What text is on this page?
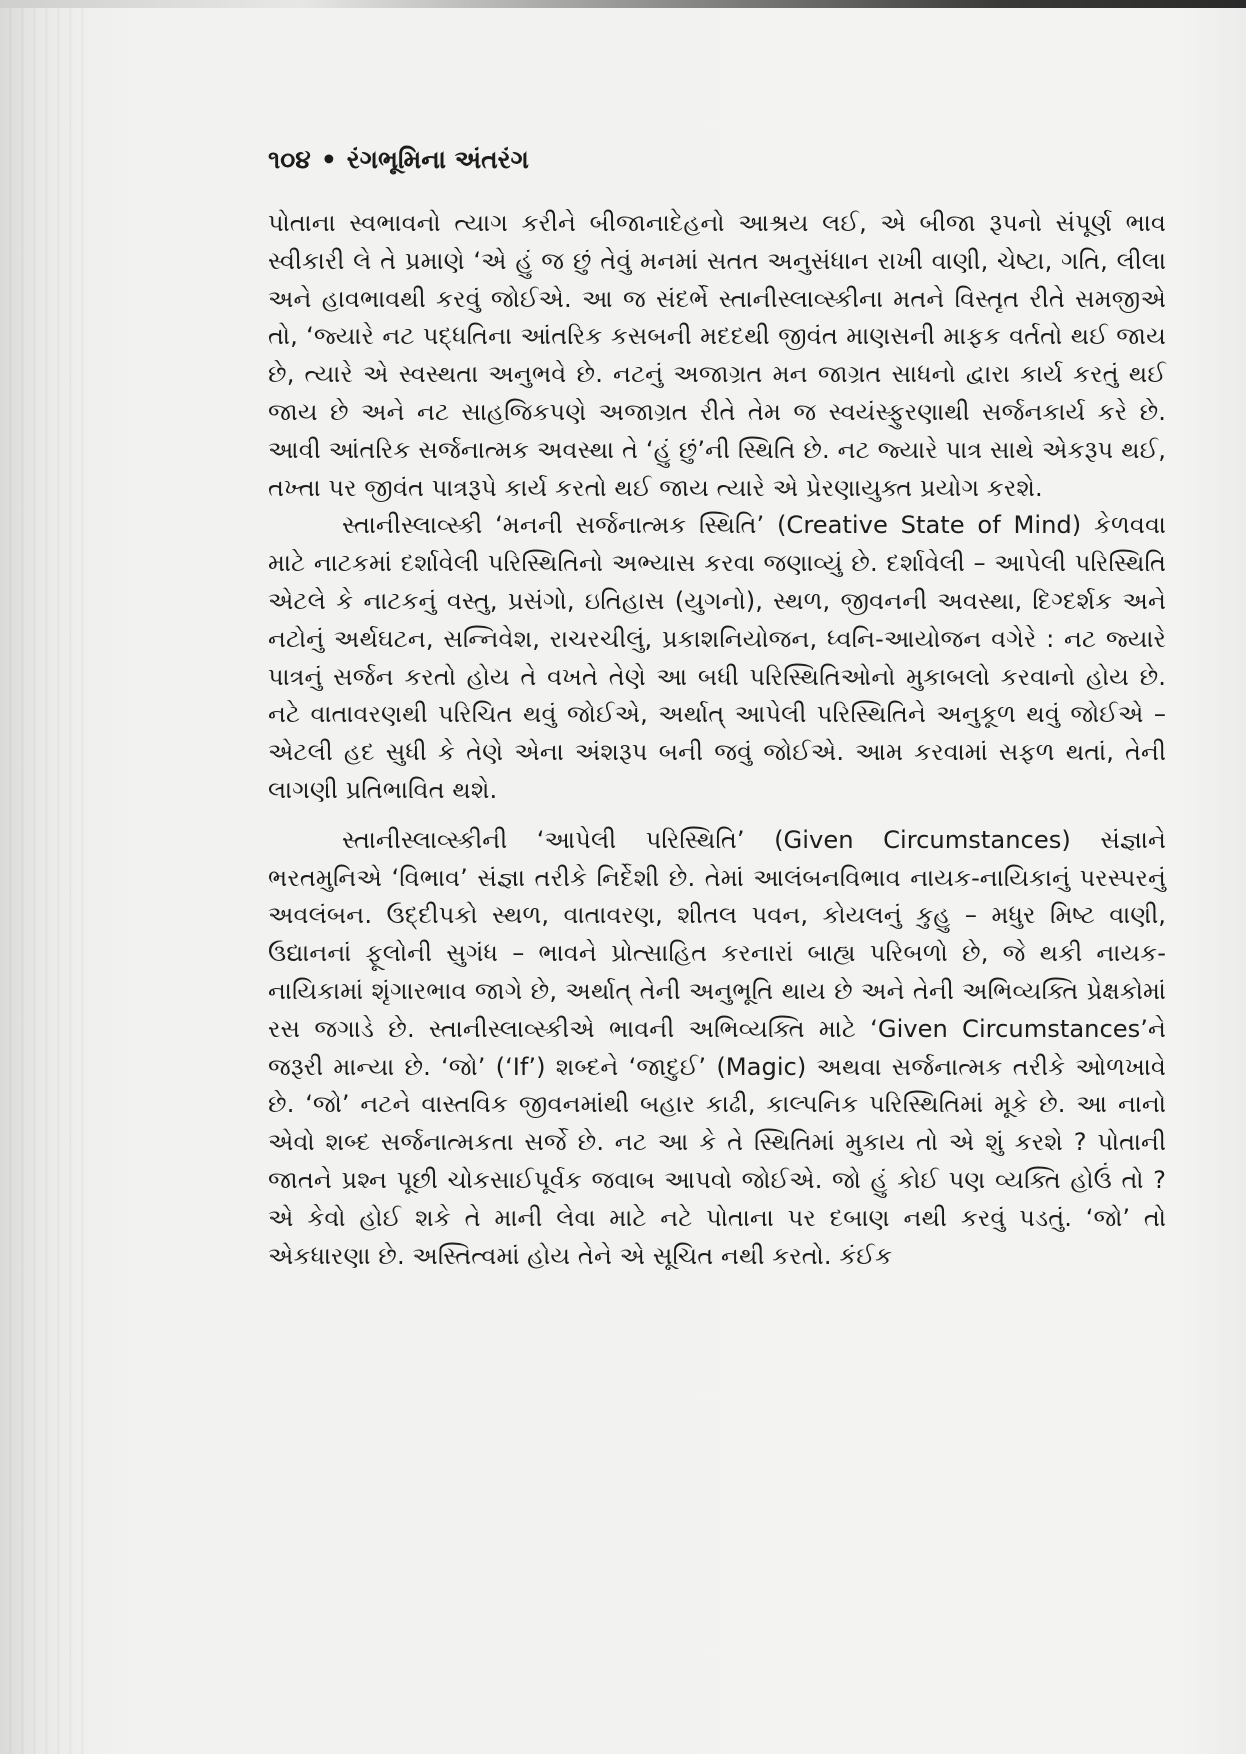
૧૦૪ • રંગભૂમિના અંતરંગ

પોતાના સ્વભાવનો ત્યાગ કરીને બીજાનાદેહનો આશ્રય લઈ, એ બીજા રૂપનો સંપૂર્ણ ભાવ સ્વીકારી લે તે પ્રમાણે ‘એ હું જ છું તેવું મનમાં સતત અનુસંધાન રાખી વાણી, ચેષ્ટા, ગતિ, લીલા અને હાવભાવથી કરવું જોઈએ. આ જ સંદર્ભે સ્તાનીસ્લાવ્સ્કીના મતને વિસ્તૃત રીતે સમજીએ તો, ‘જ્યારે નટ પદ્ધતિના આંતરિક કસબની મદદથી જીવંત માણસની માફક વર્તતો થઈ જાય છે, ત્યારે એ સ્વસ્થતા અનુભવે છે. નટનું અજાગ્રત મન જાગ્રત સાધનો દ્વારા કાર્ય કરતું થઈ જાય છે અને નટ સાહજિકપણે અજાગ્રત રીતે તેમ જ સ્વયંસ્ફુરણાથી સર્જનકાર્ય કરે છે. આવી આંતરિક સર્જનાત્મક અવસ્થા તે ‘હું છું’ની સ્થિતિ છે. નટ જ્યારે પાત્ર સાથે એકરૂપ થઈ, તખ્તા પર જીવંત પાત્રરૂપે કાર્ય કરતો થઈ જાય ત્યારે એ પ્રેરણાયુક્ત પ્રયોગ કરશે.

સ્તાનીસ્લાવ્સ્કી ‘મનની સર્જનાત્મક સ્થિતિ’ (Creative State of Mind) કેળવવા માટે નાટકમાં દર્શાવેલી પરિસ્થિતિનો અભ્યાસ કરવા જણાવ્યું છે. દર્શાવેલી – આપેલી પરિસ્થિતિ એટલે કે નાટકનું વસ્તુ, પ્રસંગો, ઇતિહાસ (યુગનો), સ્થળ, જીવનની અવસ્થા, દિગ્દર્શક અને નટોનું અર્થઘટન, સન્નિવેશ, રાચરચીલું, પ્રકાશનિયોજન, ધ્વનિ-આયોજન વગેરે : નટ જ્યારે પાત્રનું સર્જન કરતો હોય તે વખતે તેણે આ બધી પરિસ્થિતિઓનો મુકાબલો કરવાનો હોય છે. નટે વાતાવરણથી પરિચિત થવું જોઈએ, અર્થાત્ આપેલી પરિસ્થિતિને અનુકૂળ થવું જોઈએ – એટલી હદ સુધી કે તેણે એના અંશરૂપ બની જવું જોઈએ. આમ કરવામાં સફળ થતાં, તેની લાગણી પ્રતિભાવિત થશે.

સ્તાનીસ્લાવ્સ્કીની ‘આપેલી પરિસ્થિતિ’ (Given Circumstances) સંજ્ઞાને ભરતમુનિએ ‘વિભાવ’ સંજ્ઞા તરીકે નિર્દેશી છે. તેમાં આલંબનવિભાવ નાયક-નાયિકાનું પરસ્પરનું અવલંબન. ઉદ્દીપકો સ્થળ, વાતાવરણ, શીતલ પવન, કોયલનું કુહુ – મધુર મિષ્ટ વાણી, ઉદ્યાનનાં ફૂલોની સુગંધ – ભાવને પ્રોત્સાહિત કરનારાં બાહ્ય પરિબળો છે, જે થકી નાયક-નાયિકામાં શૃંગારભાવ જાગે છે, અર્થાત્ તેની અનુભૂતિ થાય છે અને તેની અભિવ્યક્તિ પ્રેક્ષકોમાં રસ જગાડે છે. સ્તાનીસ્લાવ્સ્કીએ ભાવની અભિવ્યક્તિ માટે ‘Given Circumstances’ને જરૂરી માન્યા છે. ‘જો’ (‘If’) શબ્દને ‘જાદુઈ’ (Magic) અથવા સર્જનાત્મક તરીકે ઓળખાવે છે. ‘જો’ નટને વાસ્તવિક જીવનમાંથી બહાર કાઢી, કાલ્પનિક પરિસ્થિતિમાં મૂકે છે. આ નાનો એવો શબ્દ સર્જનાત્મકતા સર્જે છે. નટ આ કે તે સ્થિતિમાં મુકાય તો એ શું કરશે ? પોતાની જાતને પ્રશ્ન પૂછી ચોકસાઈપૂર્વક જવાબ આપવો જોઈએ. જો હું કોઈ પણ વ્યક્તિ હોઉં તો ? એ કેવો હોઈ શકે તે માની લેવા માટે નટે પોતાના પર દબાણ નથી કરવું પડતું. ‘જો’ તો એકધારણા છે. અસ્તિત્વમાં હોય તેને એ સૂચિત નથી કરતો. કંઈક
